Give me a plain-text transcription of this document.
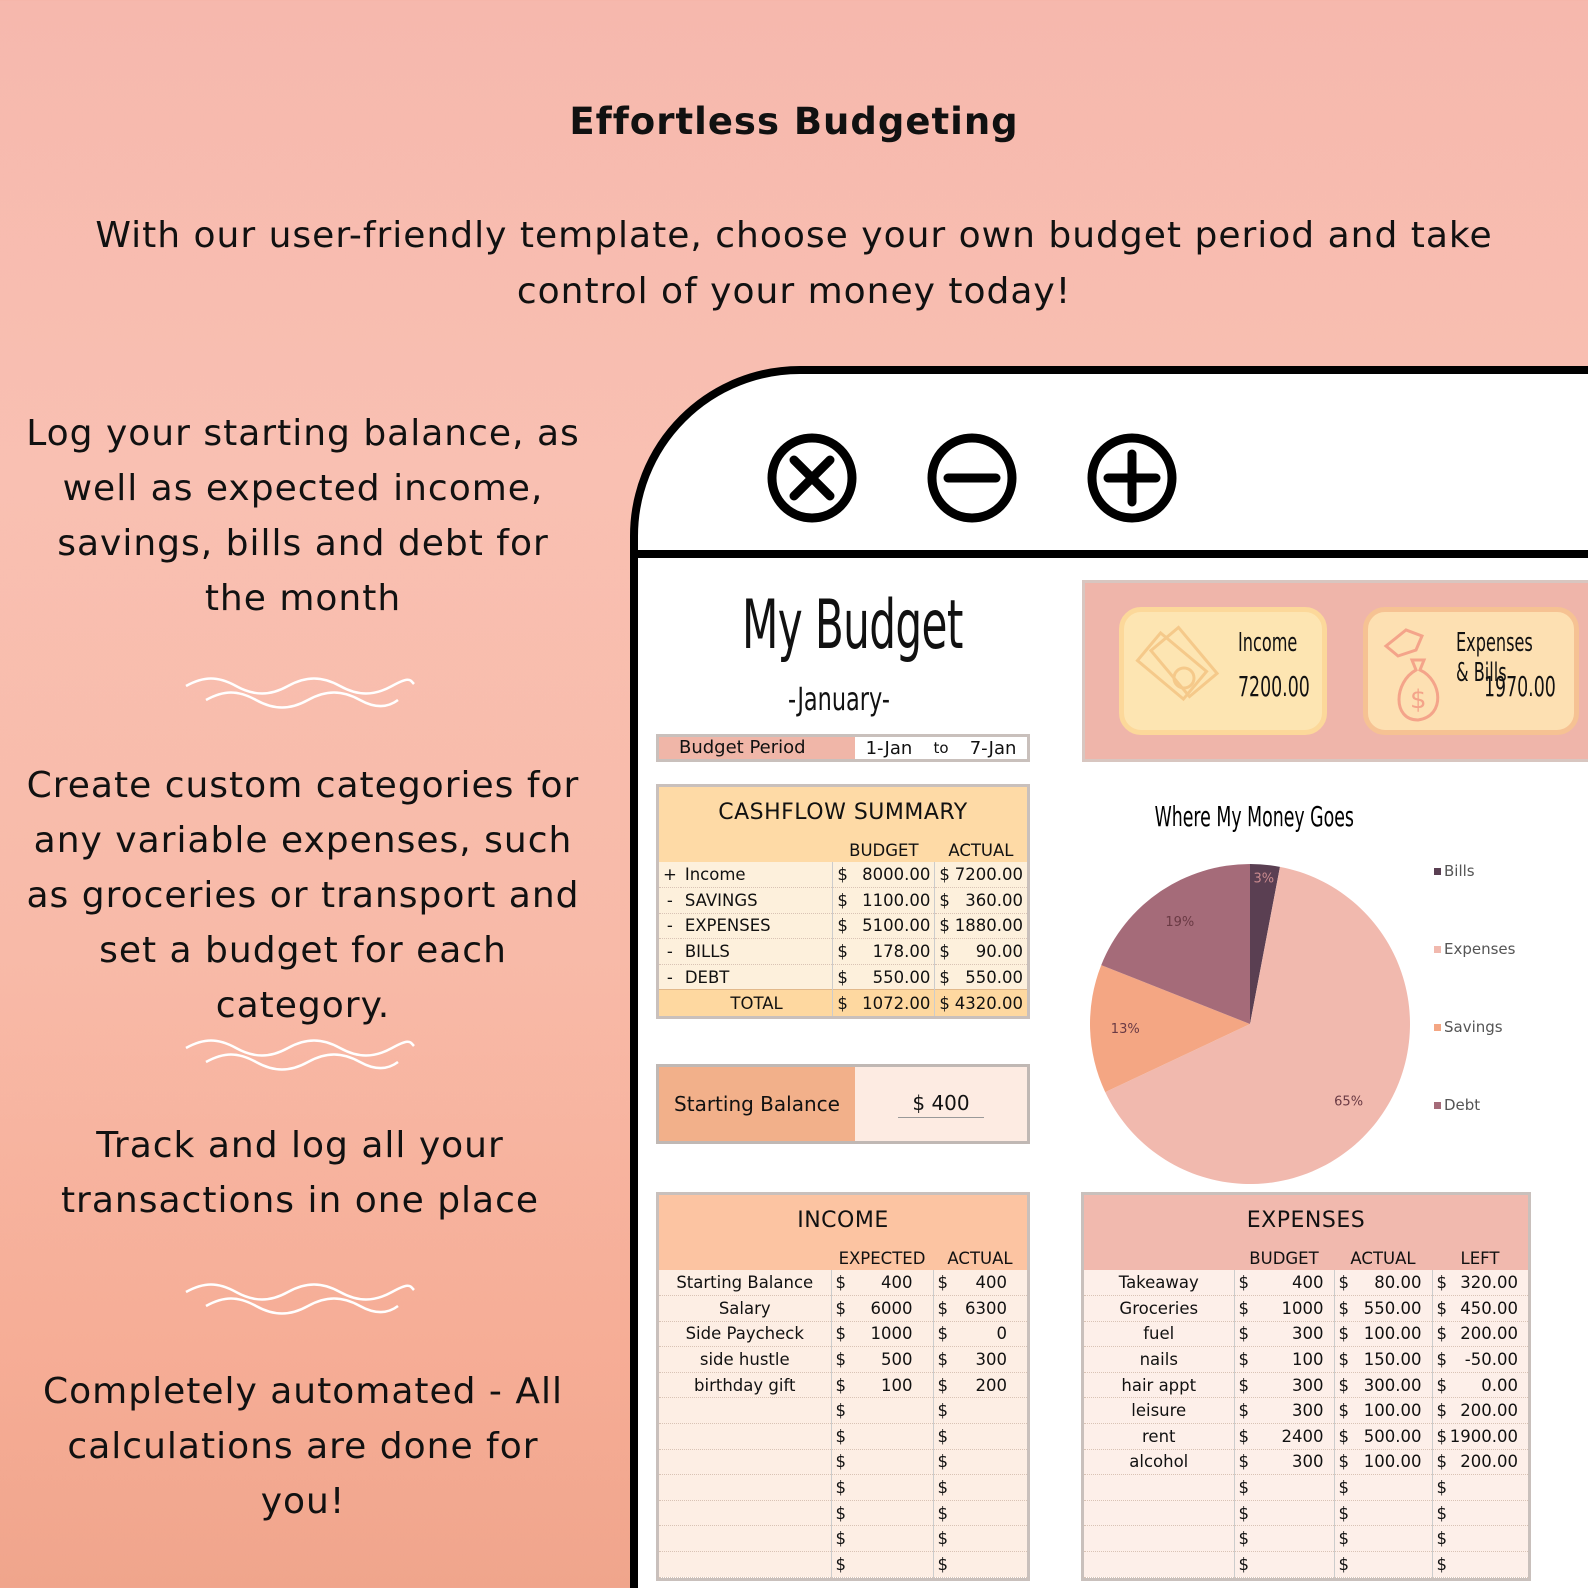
Effortless Budgeting
With our user-friendly template, choose your own budget period and take control of your money today!
Log your starting balance, as well as expected income, savings, bills and debt for the month
Create custom categories for any variable expenses, such as groceries or transport and set a budget for each category.
Track and log all your transactions in one place
Completely automated - All calculations are done for you!
My Budget
-January-
Budget Period	1-Jan to 7-Jan
Income
7200.00	$
Expenses & Bills
1970.00
CASHFLOW SUMMARY
		BUDGET	ACTUAL
+	Income	$ 8000.00	$ 7200.00

-	SAVINGS	$ 1100.00	$ 360.00

-	EXPENSES	$ 5100.00	$ 1880.00

-	BILLS	$ 178.00	$ 90.00

-	DEBT	$ 550.00	$ 550.00

	TOTAL	$ 1072.00	$ 4320.00
Starting Balance	$ 400
INCOME
	EXPECTED	ACTUAL
Starting Balance	$ 400	$ 400

Salary	$ 6000	$ 6300

Side Paycheck	$ 1000	$ 0

side hustle	$ 500	$ 300

birthday gift	$ 100	$ 200

	$	$

	$	$

	$	$

	$	$

	$	$

	$	$

	$	$
EXPENSES
	BUDGET	ACTUAL	LEFT
Takeaway	$ 400	$ 80.00	$ 320.00

Groceries	$ 1000	$ 550.00	$ 450.00

fuel	$ 300	$ 100.00	$ 200.00

nails	$ 100	$ 150.00	$ -50.00

hair appt	$ 300	$ 300.00	$ 0.00

leisure	$ 300	$ 100.00	$ 200.00

rent	$ 2400	$ 500.00	$ 1900.00

alcohol	$ 300	$ 100.00	$ 200.00

	$	$	$

	$	$	$

	$	$	$

	$	$	$
Where My Money Goes
3%
65%
13%
19%
Bills
Expenses
Savings
Debt
